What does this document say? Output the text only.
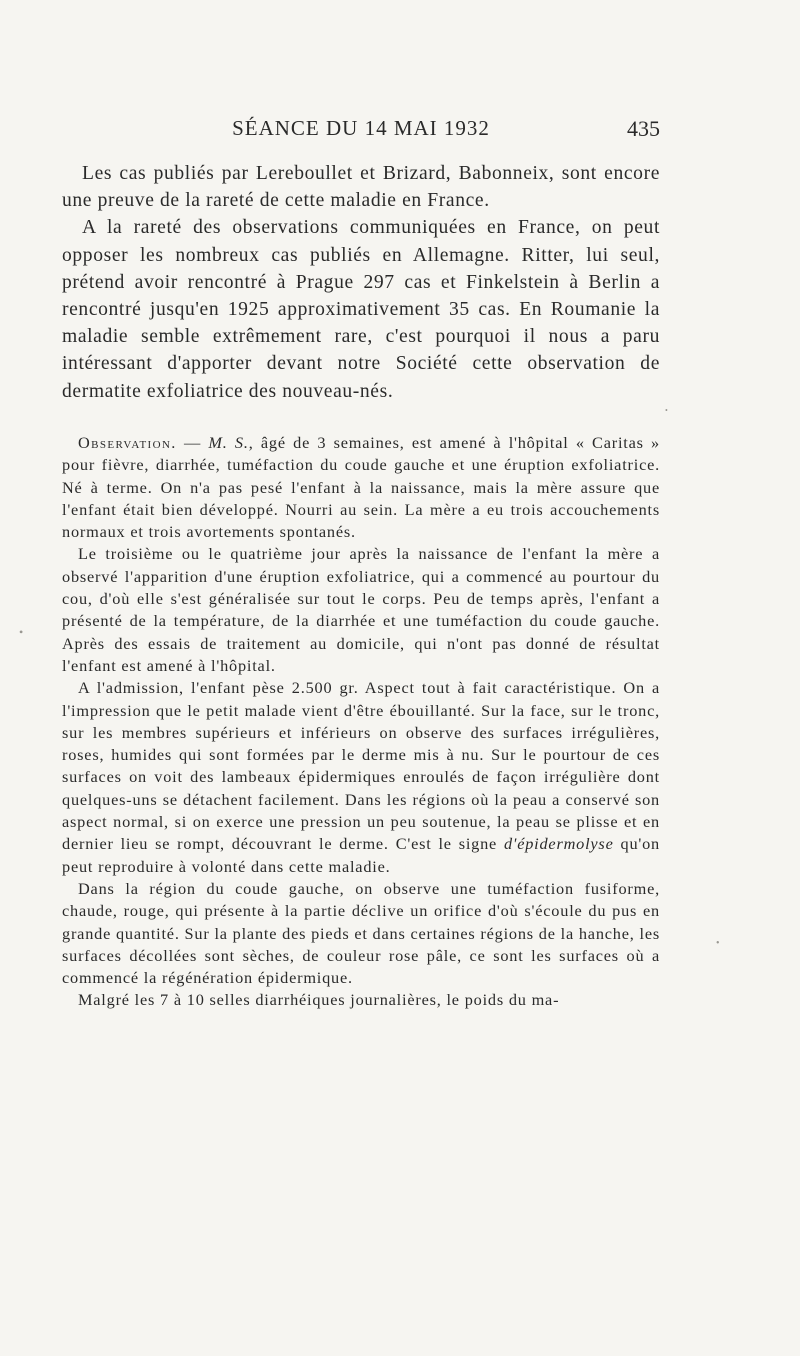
SÉANCE DU 14 MAI 1932	435

Les cas publiés par Lereboullet et Brizard, Babonneix, sont encore une preuve de la rareté de cette maladie en France.

A la rareté des observations communiquées en France, on peut opposer les nombreux cas publiés en Allemagne. Ritter, lui seul, prétend avoir rencontré à Prague 297 cas et Finkelstein à Berlin a rencontré jusqu'en 1925 approximativement 35 cas. En Roumanie la maladie semble extrêmement rare, c'est pourquoi il nous a paru intéressant d'apporter devant notre Société cette observation de dermatite exfoliatrice des nouveau-nés.

Observation. — M. S., âgé de 3 semaines, est amené à l'hôpital « Caritas » pour fièvre, diarrhée, tuméfaction du coude gauche et une éruption exfoliatrice. Né à terme. On n'a pas pesé l'enfant à la naissance, mais la mère assure que l'enfant était bien développé. Nourri au sein. La mère a eu trois accouchements normaux et trois avortements spontanés.

Le troisième ou le quatrième jour après la naissance de l'enfant la mère a observé l'apparition d'une éruption exfoliatrice, qui a commencé au pourtour du cou, d'où elle s'est généralisée sur tout le corps. Peu de temps après, l'enfant a présenté de la température, de la diarrhée et une tuméfaction du coude gauche. Après des essais de traitement au domicile, qui n'ont pas donné de résultat l'enfant est amené à l'hôpital.

A l'admission, l'enfant pèse 2.500 gr. Aspect tout à fait caractéristique. On a l'impression que le petit malade vient d'être ébouillanté. Sur la face, sur le tronc, sur les membres supérieurs et inférieurs on observe des surfaces irrégulières, roses, humides qui sont formées par le derme mis à nu. Sur le pourtour de ces surfaces on voit des lambeaux épidermiques enroulés de façon irrégulière dont quelques-uns se détachent facilement. Dans les régions où la peau a conservé son aspect normal, si on exerce une pression un peu soutenue, la peau se plisse et en dernier lieu se rompt, découvrant le derme. C'est le signe d'épidermolyse qu'on peut reproduire à volonté dans cette maladie.

Dans la région du coude gauche, on observe une tuméfaction fusiforme, chaude, rouge, qui présente à la partie déclive un orifice d'où s'écoule du pus en grande quantité. Sur la plante des pieds et dans certaines régions de la hanche, les surfaces décollées sont sèches, de couleur rose pâle, ce sont les surfaces où a commencé la régénération épidermique.

Malgré les 7 à 10 selles diarrhéiques journalières, le poids du ma-

•
•
•
